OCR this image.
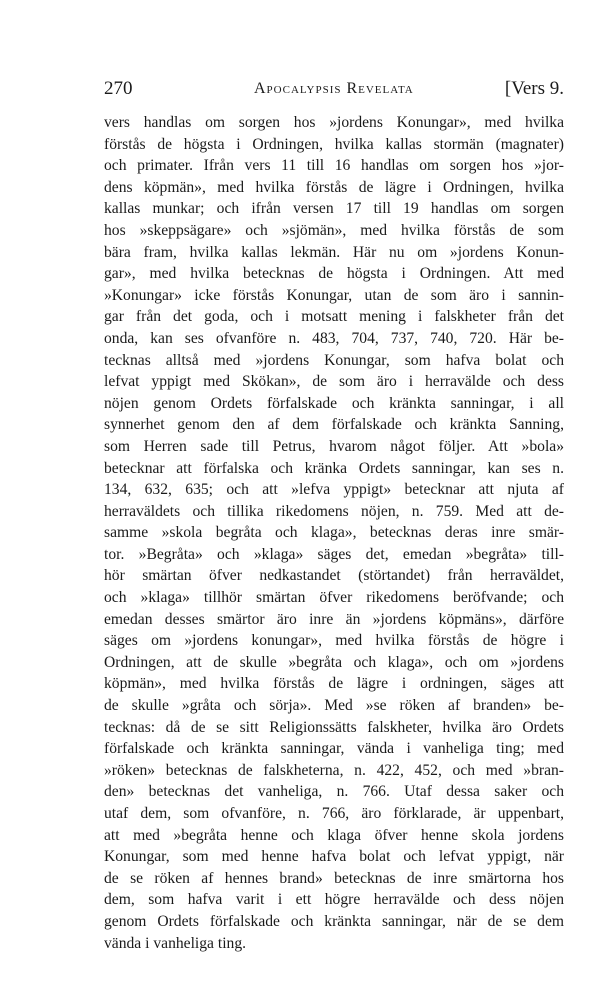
270	Apocalypsis Revelata	[Vers 9.
vers handlas om sorgen hos »jordens Konungar», med hvilka
förstås de högsta i Ordningen, hvilka kallas stormän (magnater)
och primater. Ifrån vers 11 till 16 handlas om sorgen hos »jor-
dens köpmän», med hvilka förstås de lägre i Ordningen, hvilka
kallas munkar; och ifrån versen 17 till 19 handlas om sorgen
hos »skeppsägare» och »sjömän», med hvilka förstås de som
bära fram, hvilka kallas lekmän. Här nu om »jordens Konun-
gar», med hvilka betecknas de högsta i Ordningen. Att med
»Konungar» icke förstås Konungar, utan de som äro i sannin-
gar från det goda, och i motsatt mening i falskheter från det
onda, kan ses ofvanföre n. 483, 704, 737, 740, 720. Här be-
tecknas alltså med »jordens Konungar, som hafva bolat och
lefvat yppigt med Skökan», de som äro i herravälde och dess
nöjen genom Ordets förfalskade och kränkta sanningar, i all
synnerhet genom den af dem förfalskade och kränkta Sanning,
som Herren sade till Petrus, hvarom något följer. Att »bola»
betecknar att förfalska och kränka Ordets sanningar, kan ses n.
134, 632, 635; och att »lefva yppigt» betecknar att njuta af
herraväldets och tillika rikedomens nöjen, n. 759. Med att de-
samme »skola begråta och klaga», betecknas deras inre smär-
tor. »Begråta» och »klaga» säges det, emedan »begråta» till-
hör smärtan öfver nedkastandet (störtandet) från herraväldet,
och »klaga» tillhör smärtan öfver rikedomens beröfvande; och
emedan desses smärtor äro inre än »jordens köpmäns», därföre
säges om »jordens konungar», med hvilka förstås de högre i
Ordningen, att de skulle »begråta och klaga», och om »jordens
köpmän», med hvilka förstås de lägre i ordningen, säges att
de skulle »gråta och sörja». Med »se röken af branden» be-
tecknas: då de se sitt Religionssätts falskheter, hvilka äro Ordets
förfalskade och kränkta sanningar, vända i vanheliga ting; med
»röken» betecknas de falskheterna, n. 422, 452, och med »bran-
den» betecknas det vanheliga, n. 766. Utaf dessa saker och
utaf dem, som ofvanföre, n. 766, äro förklarade, är uppenbart,
att med »begråta henne och klaga öfver henne skola jordens
Konungar, som med henne hafva bolat och lefvat yppigt, när
de se röken af hennes brand» betecknas de inre smärtorna hos
dem, som hafva varit i ett högre herravälde och dess nöjen
genom Ordets förfalskade och kränkta sanningar, när de se dem
vända i vanheliga ting.
